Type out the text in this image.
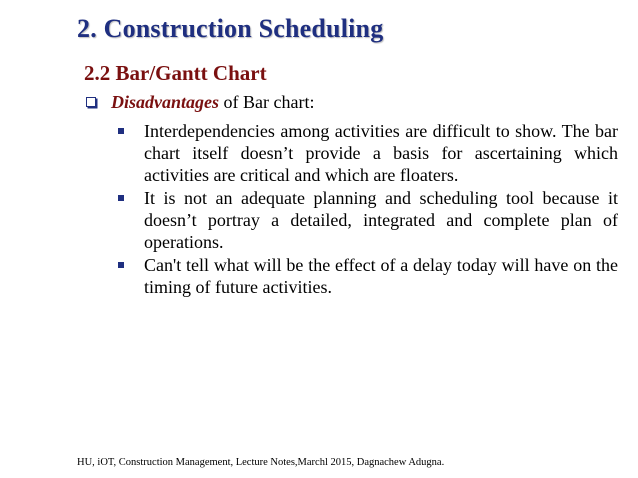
2. Construction Scheduling
2.2 Bar/Gantt Chart
Disadvantages of Bar chart:
Interdependencies among activities are difficult to show. The bar chart itself doesn’t provide a basis for ascertaining which activities are critical and which are floaters.
It is not an adequate planning and scheduling tool because it doesn’t portray a detailed, integrated and complete plan of operations.
Can't tell what will be the effect of a delay today will have on the timing of future activities.
HU, iOT, Construction Management, Lecture Notes,Marchl 2015, Dagnachew Adugna.
